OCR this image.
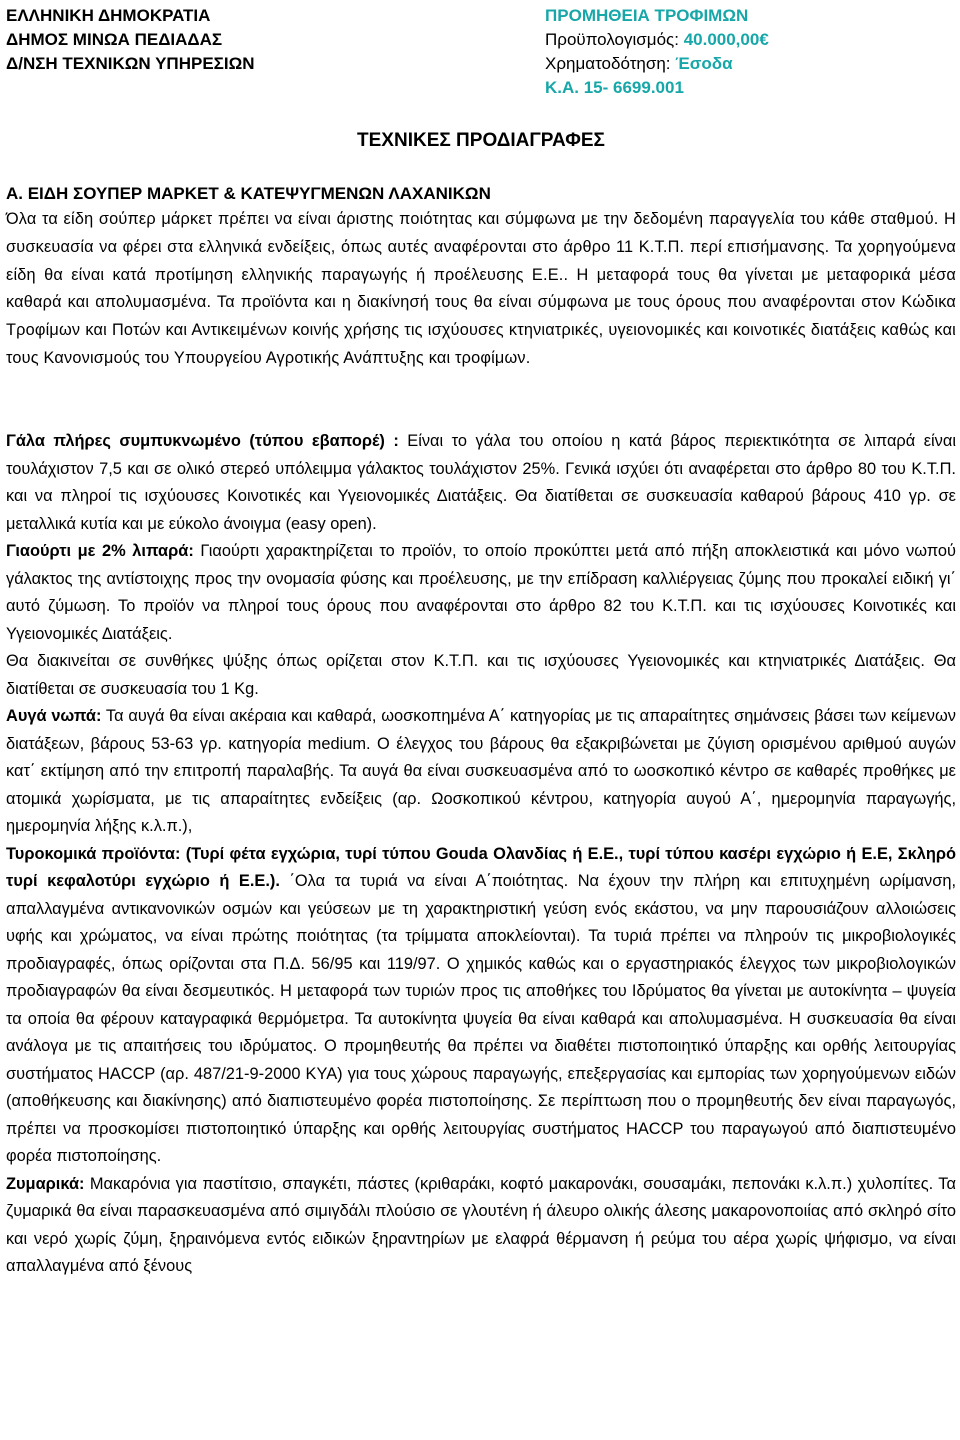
ΕΛΛΗΝΙΚΗ ΔΗΜΟΚΡΑΤΙΑ
ΔΗΜΟΣ ΜΙΝΩΑ ΠΕΔΙΑΔΑΣ
Δ/ΝΣΗ ΤΕΧΝΙΚΩΝ ΥΠΗΡΕΣΙΩΝ
ΠΡΟΜΗΘΕΙΑ ΤΡΟΦΙΜΩΝ
Προϋπολογισμός: 40.000,00€
Χρηματοδότηση: Έσοδα
Κ.Α. 15- 6699.001
ΤΕΧΝΙΚΕΣ ΠΡΟΔΙΑΓΡΑΦΕΣ
Α. ΕΙΔΗ ΣΟΥΠΕΡ ΜΑΡΚΕΤ & ΚΑΤΕΨΥΓΜΕΝΩΝ ΛΑΧΑΝΙΚΩΝ
Όλα τα είδη σούπερ μάρκετ πρέπει να είναι άριστης ποιότητας και σύμφωνα με την δεδομένη παραγγελία του κάθε σταθμού. Η συσκευασία να φέρει στα ελληνικά ενδείξεις, όπως αυτές αναφέρονται στο άρθρο 11 Κ.Τ.Π. περί επισήμανσης. Τα χορηγούμενα είδη θα είναι κατά προτίμηση ελληνικής παραγωγής ή προέλευσης Ε.Ε.. Η μεταφορά τους θα γίνεται με μεταφορικά μέσα καθαρά και απολυμασμένα. Τα προϊόντα και η διακίνησή τους θα είναι σύμφωνα με τους όρους που αναφέρονται στον Κώδικα Τροφίμων και Ποτών και Αντικειμένων κοινής χρήσης τις ισχύουσες κτηνιατρικές, υγειονομικές και κοινοτικές διατάξεις καθώς και τους Κανονισμούς του Υπουργείου Αγροτικής Ανάπτυξης και τροφίμων.

Γάλα πλήρες συμπυκνωμένο (τύπου εβαπορέ) : Είναι το γάλα του οποίου η κατά βάρος περιεκτικότητα σε λιπαρά είναι τουλάχιστον 7,5 και σε ολικό στερεό υπόλειμμα γάλακτος τουλάχιστον 25%. Γενικά ισχύει ότι αναφέρεται στο άρθρο 80 του Κ.Τ.Π. και να πληροί τις ισχύουσες Κοινοτικές και Υγειονομικές Διατάξεις. Θα διατίθεται σε συσκευασία καθαρού βάρους 410 γρ. σε μεταλλικά κυτία και με εύκολο άνοιγμα (easy open).

Γιαούρτι με 2% λιπαρά: Γιαούρτι χαρακτηρίζεται το προϊόν, το οποίο προκύπτει μετά από πήξη αποκλειστικά και μόνο νωπού γάλακτος της αντίστοιχης προς την ονομασία φύσης και προέλευσης, με την επίδραση καλλιέργειας ζύμης που προκαλεί ειδική γι΄ αυτό ζύμωση. Το προϊόν να πληροί τους όρους που αναφέρονται στο άρθρο 82 του Κ.Τ.Π. και τις ισχύουσες Κοινοτικές και Υγειονομικές Διατάξεις.

Θα διακινείται σε συνθήκες ψύξης όπως ορίζεται στον Κ.Τ.Π. και τις ισχύουσες Υγειονομικές και κτηνιατρικές Διατάξεις. Θα διατίθεται σε συσκευασία του 1 Kg.

Αυγά νωπά: Τα αυγά θα είναι ακέραια και καθαρά, ωοσκοπημένα Α΄ κατηγορίας με τις απαραίτητες σημάνσεις βάσει των κείμενων διατάξεων, βάρους 53-63 γρ. κατηγορία medium. Ο έλεγχος του βάρους θα εξακριβώνεται με ζύγιση ορισμένου αριθμού αυγών κατ΄ εκτίμηση από την επιτροπή παραλαβής. Τα αυγά θα είναι συσκευασμένα από το ωοσκοπικό κέντρο σε καθαρές προθήκες με ατομικά χωρίσματα, με τις απαραίτητες ενδείξεις (αρ. Ωοσκοπικού κέντρου, κατηγορία αυγού Α΄, ημερομηνία παραγωγής, ημερομηνία λήξης κ.λ.π.),

Τυροκομικά προϊόντα: (Τυρί φέτα εγχώρια, τυρί τύπου Gouda Ολανδίας ή Ε.Ε., τυρί τύπου κασέρι εγχώριο ή Ε.Ε, Σκληρό τυρί κεφαλοτύρι εγχώριο ή Ε.Ε.). ΄Ολα τα τυριά να είναι Α΄ποιότητας. Να έχουν την πλήρη και επιτυχημένη ωρίμανση, απαλλαγμένα αντικανονικών οσμών και γεύσεων με τη χαρακτηριστική γεύση ενός εκάστου, να μην παρουσιάζουν αλλοιώσεις υφής και χρώματος, να είναι πρώτης ποιότητας (τα τρίμματα αποκλείονται). Τα τυριά πρέπει να πληρούν τις μικροβιολογικές προδιαγραφές, όπως ορίζονται στα Π.Δ. 56/95 και 119/97. Ο χημικός καθώς και ο εργαστηριακός έλεγχος των μικροβιολογικών προδιαγραφών θα είναι δεσμευτικός. Η μεταφορά των τυριών προς τις αποθήκες του Ιδρύματος θα γίνεται με αυτοκίνητα – ψυγεία τα οποία θα φέρουν καταγραφικά θερμόμετρα. Τα αυτοκίνητα ψυγεία θα είναι καθαρά και απολυμασμένα. Η συσκευασία θα είναι ανάλογα με τις απαιτήσεις του ιδρύματος. Ο προμηθευτής θα πρέπει να διαθέτει πιστοποιητικό ύπαρξης και ορθής λειτουργίας συστήματος HACCP (αρ. 487/21-9-2000 ΚΥΑ) για τους χώρους παραγωγής, επεξεργασίας και εμπορίας των χορηγούμενων ειδών (αποθήκευσης και διακίνησης) από διαπιστευμένο φορέα πιστοποίησης. Σε περίπτωση που ο προμηθευτής δεν είναι παραγωγός, πρέπει να προσκομίσει πιστοποιητικό ύπαρξης και ορθής λειτουργίας συστήματος HACCP του παραγωγού από διαπιστευμένο φορέα πιστοποίησης.

Ζυμαρικά: Μακαρόνια για παστίτσιο, σπαγκέτι, πάστες (κριθαράκι, κοφτό μακαρονάκι, σουσαμάκι, πεπονάκι κ.λ.π.) χυλοπίτες. Τα ζυμαρικά θα είναι παρασκευασμένα από σιμιγδάλι πλούσιο σε γλουτένη ή άλευρο ολικής άλεσης μακαρονοποιίας από σκληρό σίτο και νερό χωρίς ζύμη, ξηραινόμενα εντός ειδικών ξηραντηρίων με ελαφρά θέρμανση ή ρεύμα του αέρα χωρίς ψήφισμο, να είναι απαλλαγμένα από ξένους
